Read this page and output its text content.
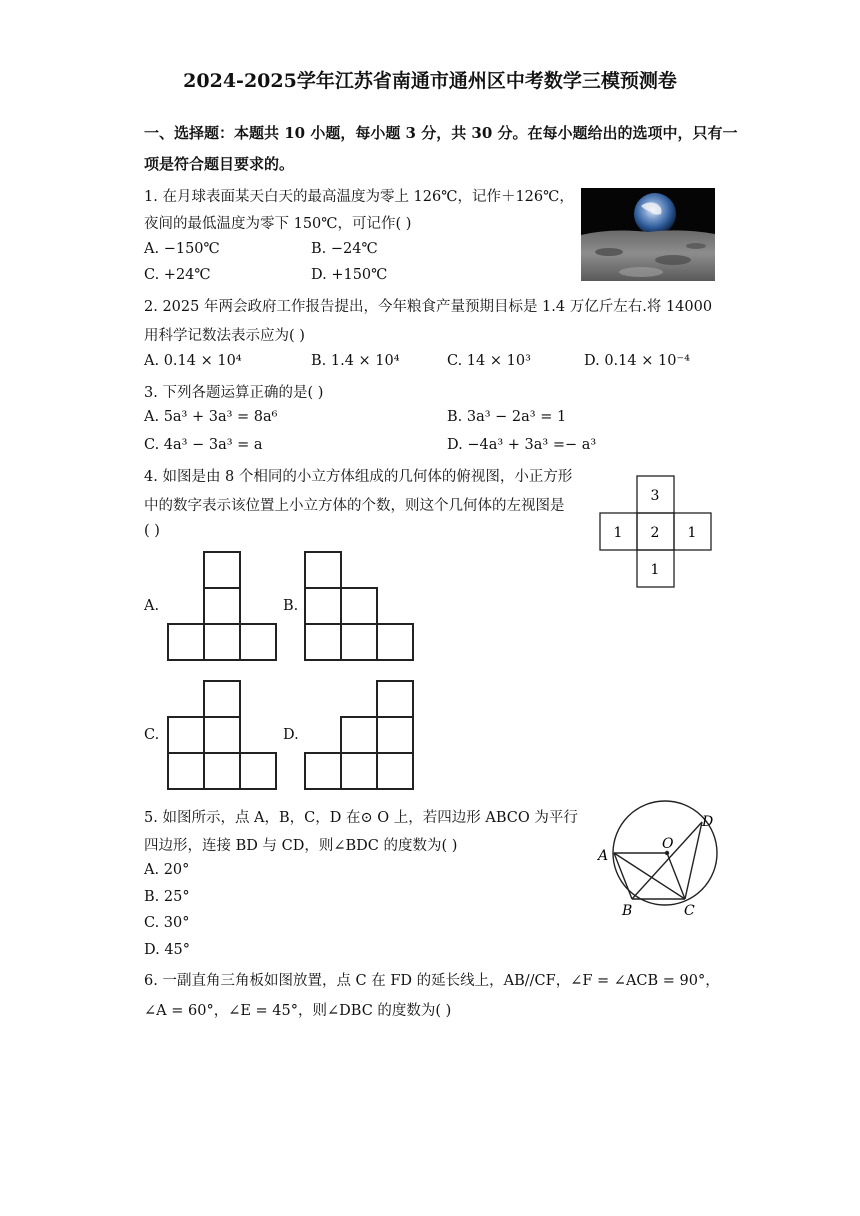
2024-2025学年江苏省南通市通州区中考数学三模预测卷
一、选择题：本题共 10 小题，每小题 3 分，共 30 分。在每小题给出的选项中，只有一
项是符合题目要求的。
1. 在月球表面某天白天的最高温度为零上 126℃，记作＋126℃，
夜间的最低温度为零下 150℃，可记作( )
A. −150℃	B. −24℃
C. +24℃	D. +150℃
2. 2025 年两会政府工作报告提出，今年粮食产量预期目标是 1.4 万亿斤左右.将 14000
用科学记数法表示应为( )
A. 0.14 × 10⁴	B. 1.4 × 10⁴	C. 14 × 10³	D. 0.14 × 10⁻⁴
3. 下列各题运算正确的是( )
A. 5a³ + 3a³ = 8a⁶	B. 3a³ − 2a³ = 1
C. 4a³ − 3a³ = a	D. −4a³ + 3a³ =− a³
4. 如图是由 8 个相同的小立方体组成的几何体的俯视图，小正方形
中的数字表示该位置上小立方体的个数，则这个几何体的左视图是
( )
3
1 2 1
1
A.	B.
C.	D.
5. 如图所示，点 A，B，C，D 在⊙ O 上，若四边形 ABCO 为平行
四边形，连接 BD 与 CD，则∠BDC 的度数为( )
A. 20°
B. 25°
C. 30°
D. 45°
A
B	C
D
O
6. 一副直角三角板如图放置，点 C 在 FD 的延长线上，AB//CF，∠F = ∠ACB = 90°，
∠A = 60°，∠E = 45°，则∠DBC 的度数为( )
